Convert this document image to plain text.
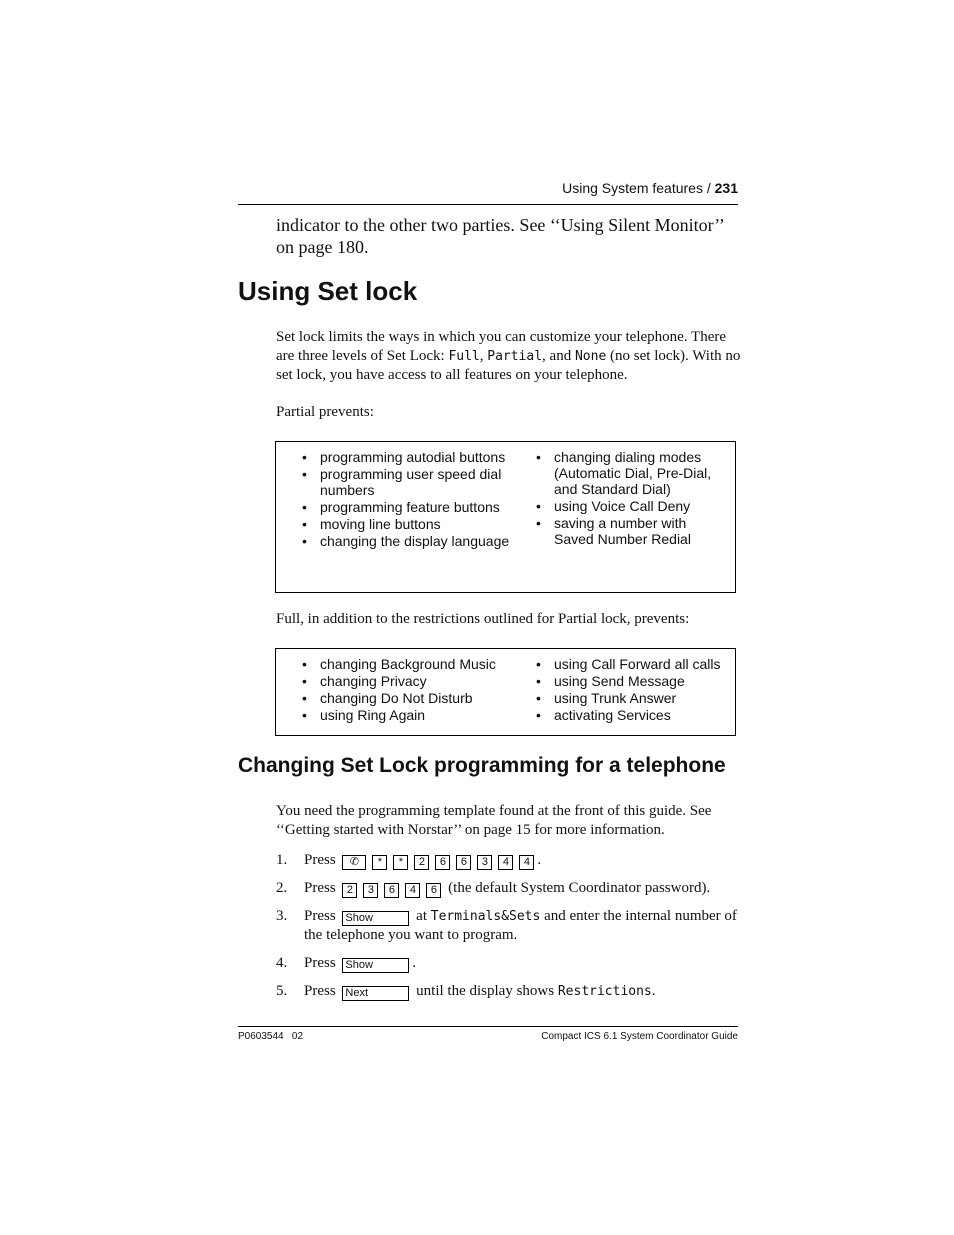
Using System features / 231
indicator to the other two parties. See ‘‘Using Silent Monitor’’ on page 180.
Using Set lock
Set lock limits the ways in which you can customize your telephone. There are three levels of Set Lock: Full, Partial, and None (no set lock). With no set lock, you have access to all features on your telephone.
Partial prevents:
• programming autodial buttons
• programming user speed dial numbers
• programming feature buttons
• moving line buttons
• changing the display language
• changing dialing modes (Automatic Dial, Pre-Dial, and Standard Dial)
• using Voice Call Deny
• saving a number with Saved Number Redial
Full, in addition to the restrictions outlined for Partial lock, prevents:
• changing Background Music
• changing Privacy
• changing Do Not Disturb
• using Ring Again
• using Call Forward all calls
• using Send Message
• using Trunk Answer
• activating Services
Changing Set Lock programming for a telephone
You need the programming template found at the front of this guide. See ‘‘Getting started with Norstar’’ on page 15 for more information.
1. Press ✆ * * 2 6 6 3 4 4 .
2. Press 2 3 6 4 6 (the default System Coordinator password).
3. Press Show	at Terminals&Sets and enter the internal number of the telephone you want to program.
4. Press Show	.
5. Press Next	until the display shows Restrictions.
P0603544   02	Compact ICS 6.1 System Coordinator Guide
